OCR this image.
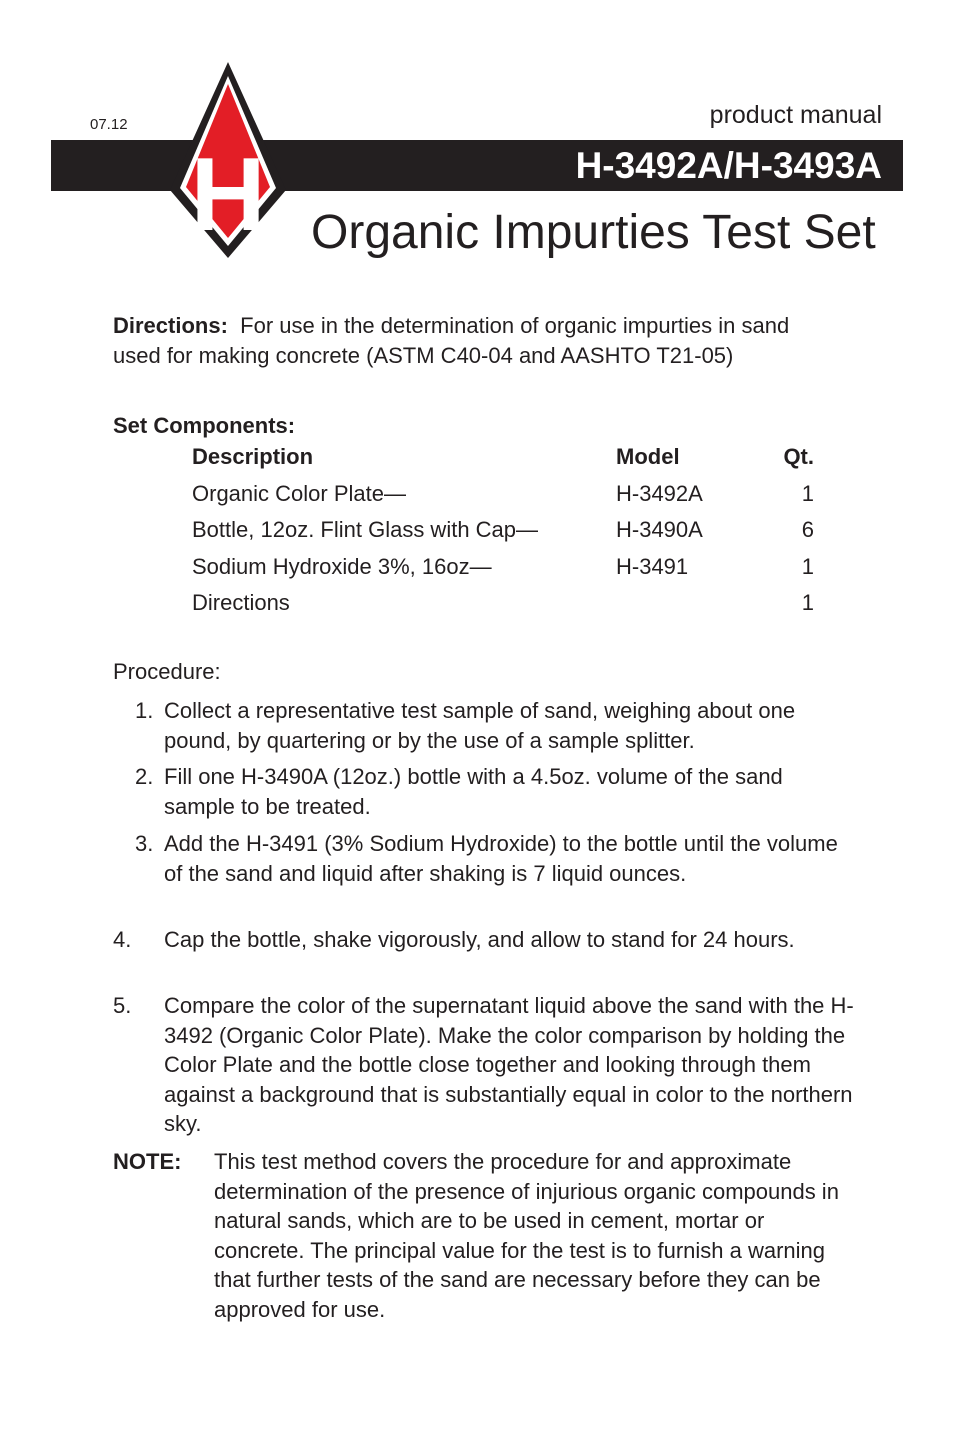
07.12	product manual
H-3492A/H-3493A
H Organic Impurties Test Set
Directions: For use in the determination of organic impurties in sand used for making concrete (ASTM C40-04 and AASHTO T21-05)
Set Components:
Description	Model	Qt.
Organic Color Plate—	H-3492A	1
Bottle, 12oz. Flint Glass with Cap—	H-3490A	6
Sodium Hydroxide 3%, 16oz—	H-3491	1
Directions		1
Procedure:
1. Collect a representative test sample of sand, weighing about one pound, by quartering or by the use of a sample splitter.
2. Fill one H-3490A (12oz.) bottle with a 4.5oz. volume of the sand sample to be treated.
3. Add the H-3491 (3% Sodium Hydroxide) to the bottle until the volume of the sand and liquid after shaking is 7 liquid ounces.
4. Cap the bottle, shake vigorously, and allow to stand for 24 hours.
5. Compare the color of the supernatant liquid above the sand with the H-3492 (Organic Color Plate). Make the color comparison by holding the Color Plate and the bottle close together and looking through them against a background that is substantially equal in color to the northern sky.
NOTE: This test method covers the procedure for and approximate determination of the presence of injurious organic compounds in natural sands, which are to be used in cement, mortar or concrete. The principal value for the test is to furnish a warning that further tests of the sand are necessary before they can be approved for use.
